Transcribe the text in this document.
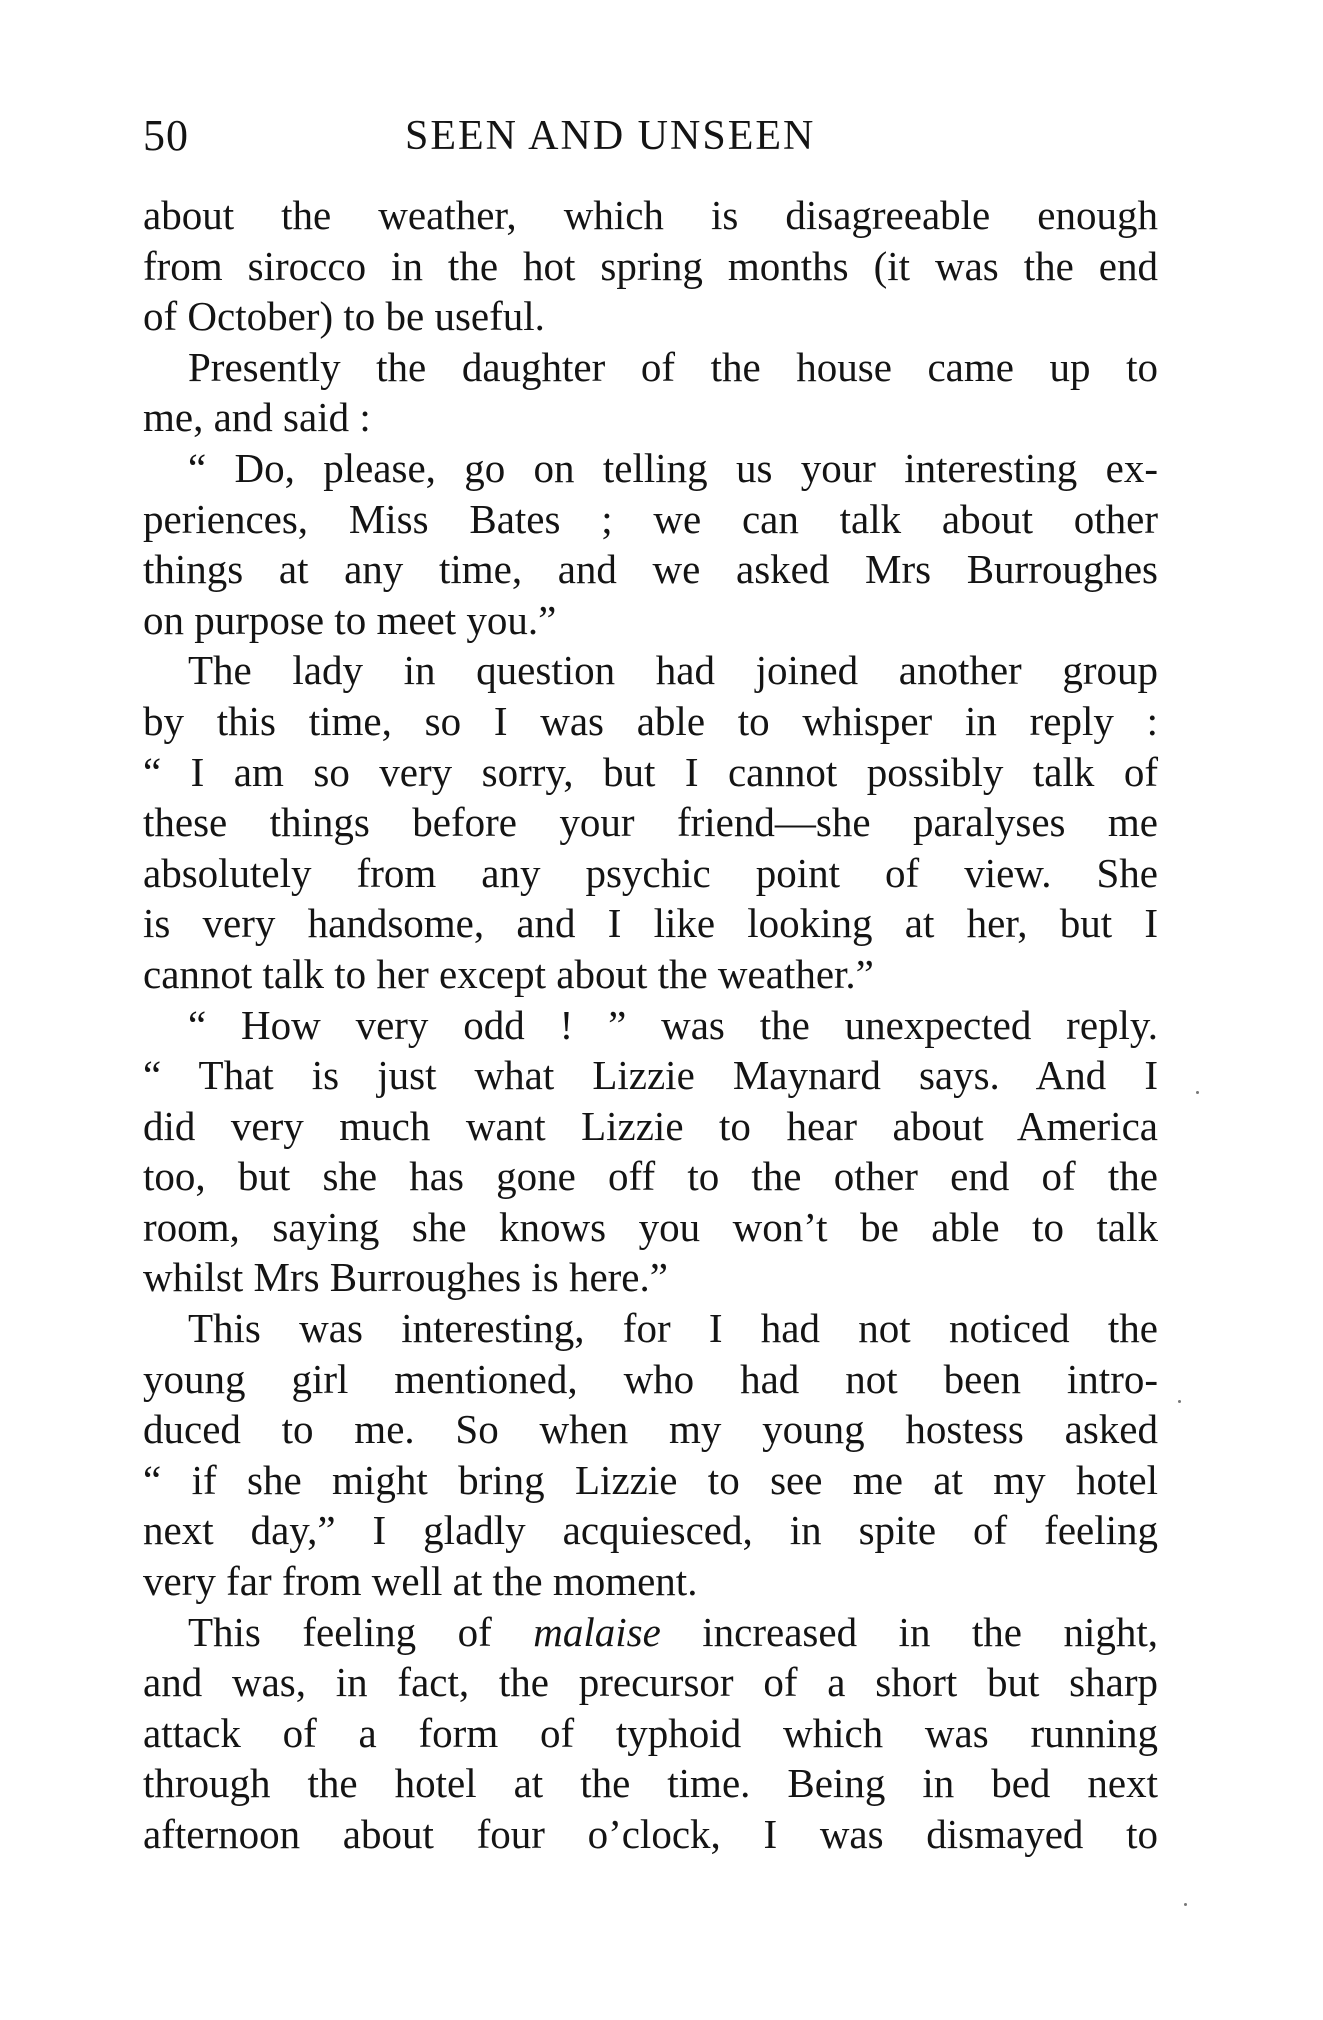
50	SEEN AND UNSEEN
about the weather, which is disagreeable enough
from sirocco in the hot spring months (it was the end
of October) to be useful.
Presently the daughter of the house came up to
me, and said :
“ Do, please, go on telling us your interesting ex-
periences, Miss Bates ; we can talk about other
things at any time, and we asked Mrs Burroughes
on purpose to meet you.”
The lady in question had joined another group
by this time, so I was able to whisper in reply :
“ I am so very sorry, but I cannot possibly talk of
these things before your friend—she paralyses me
absolutely from any psychic point of view. She
is very handsome, and I like looking at her, but I
cannot talk to her except about the weather.”
“ How very odd ! ” was the unexpected reply.
“ That is just what Lizzie Maynard says. And I
did very much want Lizzie to hear about America
too, but she has gone off to the other end of the
room, saying she knows you won’t be able to talk
whilst Mrs Burroughes is here.”
This was interesting, for I had not noticed the
young girl mentioned, who had not been intro-
duced to me. So when my young hostess asked
“ if she might bring Lizzie to see me at my hotel
next day,” I gladly acquiesced, in spite of feeling
very far from well at the moment.
This feeling of malaise increased in the night,
and was, in fact, the precursor of a short but sharp
attack of a form of typhoid which was running
through the hotel at the time. Being in bed next
afternoon about four o’clock, I was dismayed to
